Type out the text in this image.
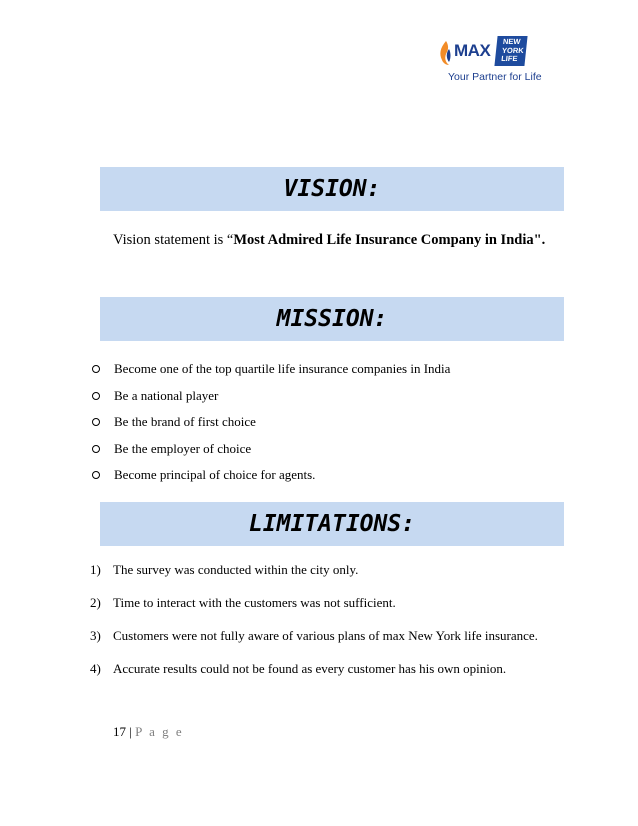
MAX NEW
YORK
LIFE
Your Partner for Life
VISION:
Vision statement is “Most Admired Life Insurance Company in India".
MISSION:
Become one of the top quartile life insurance companies in India
Be a national player
Be the brand of first choice
Be the employer of choice
Become principal of choice for agents.
LIMITATIONS:
1) The survey was conducted within the city only.
2) Time to interact with the customers was not sufficient.
3) Customers were not fully aware of various plans of max New York life insurance.
4) Accurate results could not be found as every customer has his own opinion.
17 | P a g e
